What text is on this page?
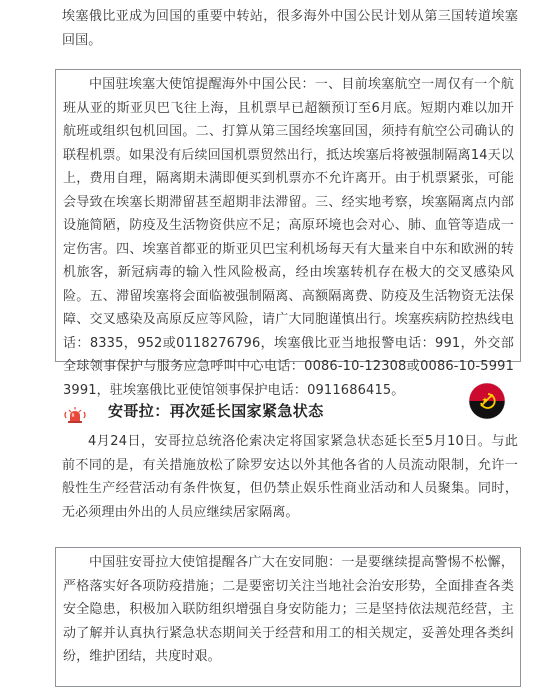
埃塞俄比亚成为回国的重要中转站，很多海外中国公民计划从第三国转道埃塞回国。

中国驻埃塞大使馆提醒海外中国公民：一、目前埃塞航空一周仅有一个航班从亚的斯亚贝巴飞往上海，且机票早已超额预订至6月底。短期内难以加开航班或组织包机回国。二、打算从第三国经埃塞回国，须持有航空公司确认的联程机票。如果没有后续回国机票贸然出行，抵达埃塞后将被强制隔离14天以上，费用自理，隔离期未满即便买到机票亦不允许离开。由于机票紧张，可能会导致在埃塞长期滞留甚至超期非法滞留。三、经实地考察，埃塞隔离点内部设施简陋，防疫及生活物资供应不足；高原环境也会对心、肺、血管等造成一定伤害。四、埃塞首都亚的斯亚贝巴宝利机场每天有大量来自中东和欧洲的转机旅客，新冠病毒的输入性风险极高，经由埃塞转机存在极大的交叉感染风险。五、滞留埃塞将会面临被强制隔离、高额隔离费、防疫及生活物资无法保障、交叉感染及高原反应等风险，请广大同胞谨慎出行。埃塞疾病防控热线电话：8335，952或0118276796，埃塞俄比亚当地报警电话：991，外交部全球领事保护与服务应急呼叫中心电话：0086-10-12308或0086-10-59913991，驻埃塞俄比亚使馆领事保护电话：0911686415。

安哥拉：再次延长国家紧急状态

4月24日，安哥拉总统洛伦索决定将国家紧急状态延长至5月10日。与此前不同的是，有关措施放松了除罗安达以外其他各省的人员流动限制，允许一般性生产经营活动有条件恢复，但仍禁止娱乐性商业活动和人员聚集。同时，无必须理由外出的人员应继续居家隔离。

中国驻安哥拉大使馆提醒各广大在安同胞：一是要继续提高警惕不松懈，严格落实好各项防疫措施；二是要密切关注当地社会治安形势，全面排查各类安全隐患，积极加入联防组织增强自身安防能力；三是坚持依法规范经营，主动了解并认真执行紧急状态期间关于经营和用工的相关规定，妥善处理各类纠纷，维护团结，共度时艰。
